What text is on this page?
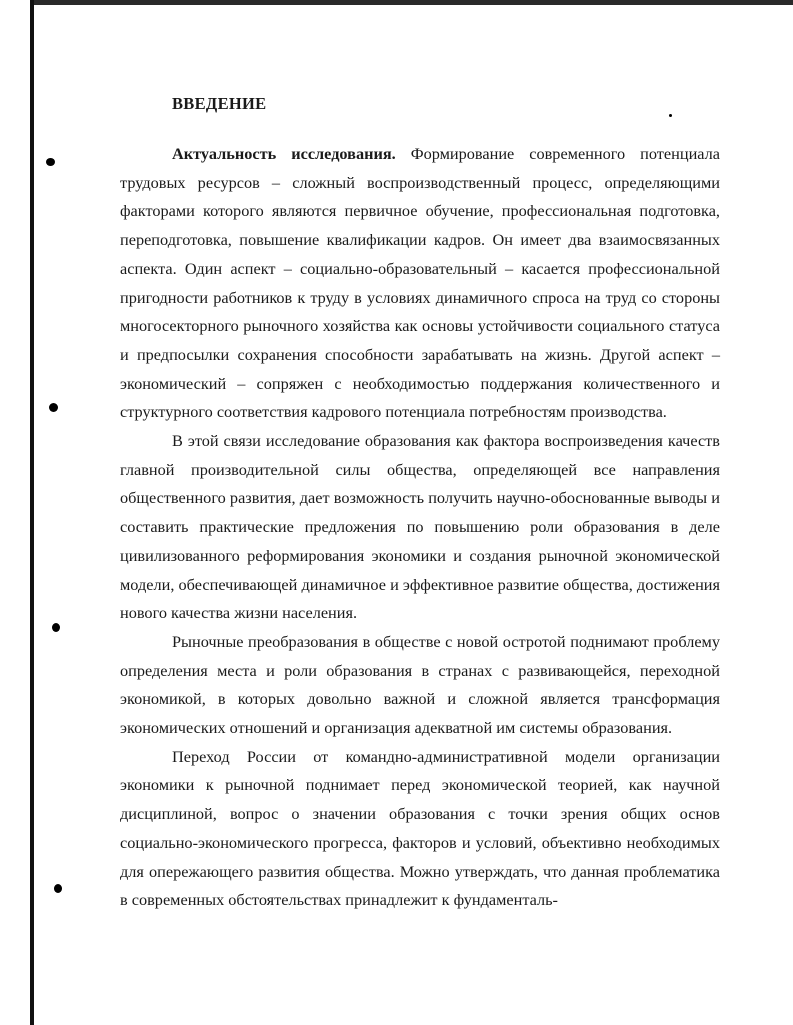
ВВЕДЕНИЕ

Актуальность исследования. Формирование современного потенциала трудовых ресурсов – сложный воспроизводственный процесс, определяющими факторами которого являются первичное обучение, профессиональная подготовка, переподготовка, повышение квалификации кадров. Он имеет два взаимосвязанных аспекта. Один аспект – социально-образовательный – касается профессиональной пригодности работников к труду в условиях динамичного спроса на труд со стороны многосекторного рыночного хозяйства как основы устойчивости социального статуса и предпосылки сохранения способности зарабатывать на жизнь. Другой аспект – экономический – сопряжен с необходимостью поддержания количественного и структурного соответствия кадрового потенциала потребностям производства.

В этой связи исследование образования как фактора воспроизведения качеств главной производительной силы общества, определяющей все направления общественного развития, дает возможность получить научно-обоснованные выводы и составить практические предложения по повышению роли образования в деле цивилизованного реформирования экономики и создания рыночной экономической модели, обеспечивающей динамичное и эффективное развитие общества, достижения нового качества жизни населения.

Рыночные преобразования в обществе с новой остротой поднимают проблему определения места и роли образования в странах с развивающейся, переходной экономикой, в которых довольно важной и сложной является трансформация экономических отношений и организация адекватной им системы образования.

Переход России от командно-административной модели организации экономики к рыночной поднимает перед экономической теорией, как научной дисциплиной, вопрос о значении образования с точки зрения общих основ социально-экономического прогресса, факторов и условий, объективно необходимых для опережающего развития общества. Можно утверждать, что данная проблематика в современных обстоятельствах принадлежит к фундаменталь-
